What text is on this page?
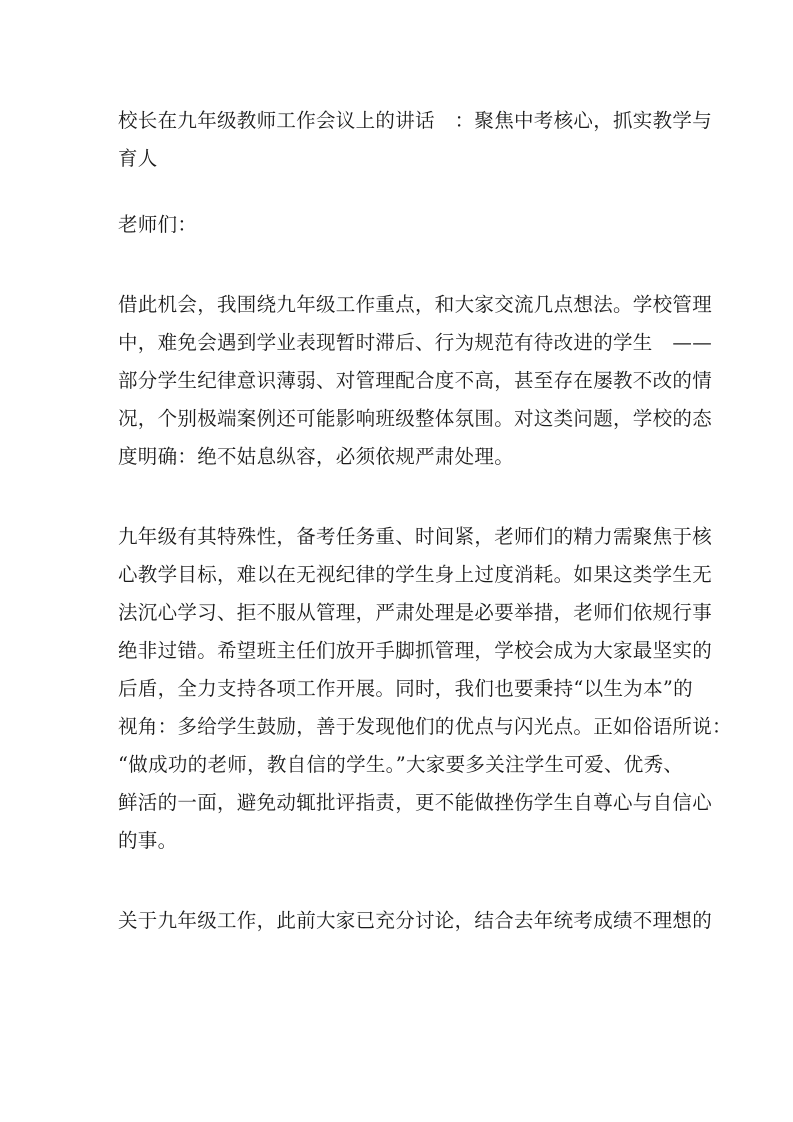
校长在九年级教师工作会议上的讲话　：聚焦中考核心，抓实教学与
育人
老师们：
借此机会，我围绕九年级工作重点，和大家交流几点想法。学校管理
中，难免会遇到学业表现暂时滞后、行为规范有待改进的学生　——
部分学生纪律意识薄弱、对管理配合度不高，甚至存在屡教不改的情
况，个别极端案例还可能影响班级整体氛围。对这类问题，学校的态
度明确：绝不姑息纵容，必须依规严肃处理。
九年级有其特殊性，备考任务重、时间紧，老师们的精力需聚焦于核
心教学目标，难以在无视纪律的学生身上过度消耗。如果这类学生无
法沉心学习、拒不服从管理，严肃处理是必要举措，老师们依规行事
绝非过错。希望班主任们放开手脚抓管理，学校会成为大家最坚实的
后盾，全力支持各项工作开展。同时，我们也要秉持“以生为本”的
视角：多给学生鼓励，善于发现他们的优点与闪光点。正如俗语所说：
“做成功的老师，教自信的学生。”大家要多关注学生可爱、优秀、
鲜活的一面，避免动辄批评指责，更不能做挫伤学生自尊心与自信心
的事。
关于九年级工作，此前大家已充分讨论，结合去年统考成绩不理想的
